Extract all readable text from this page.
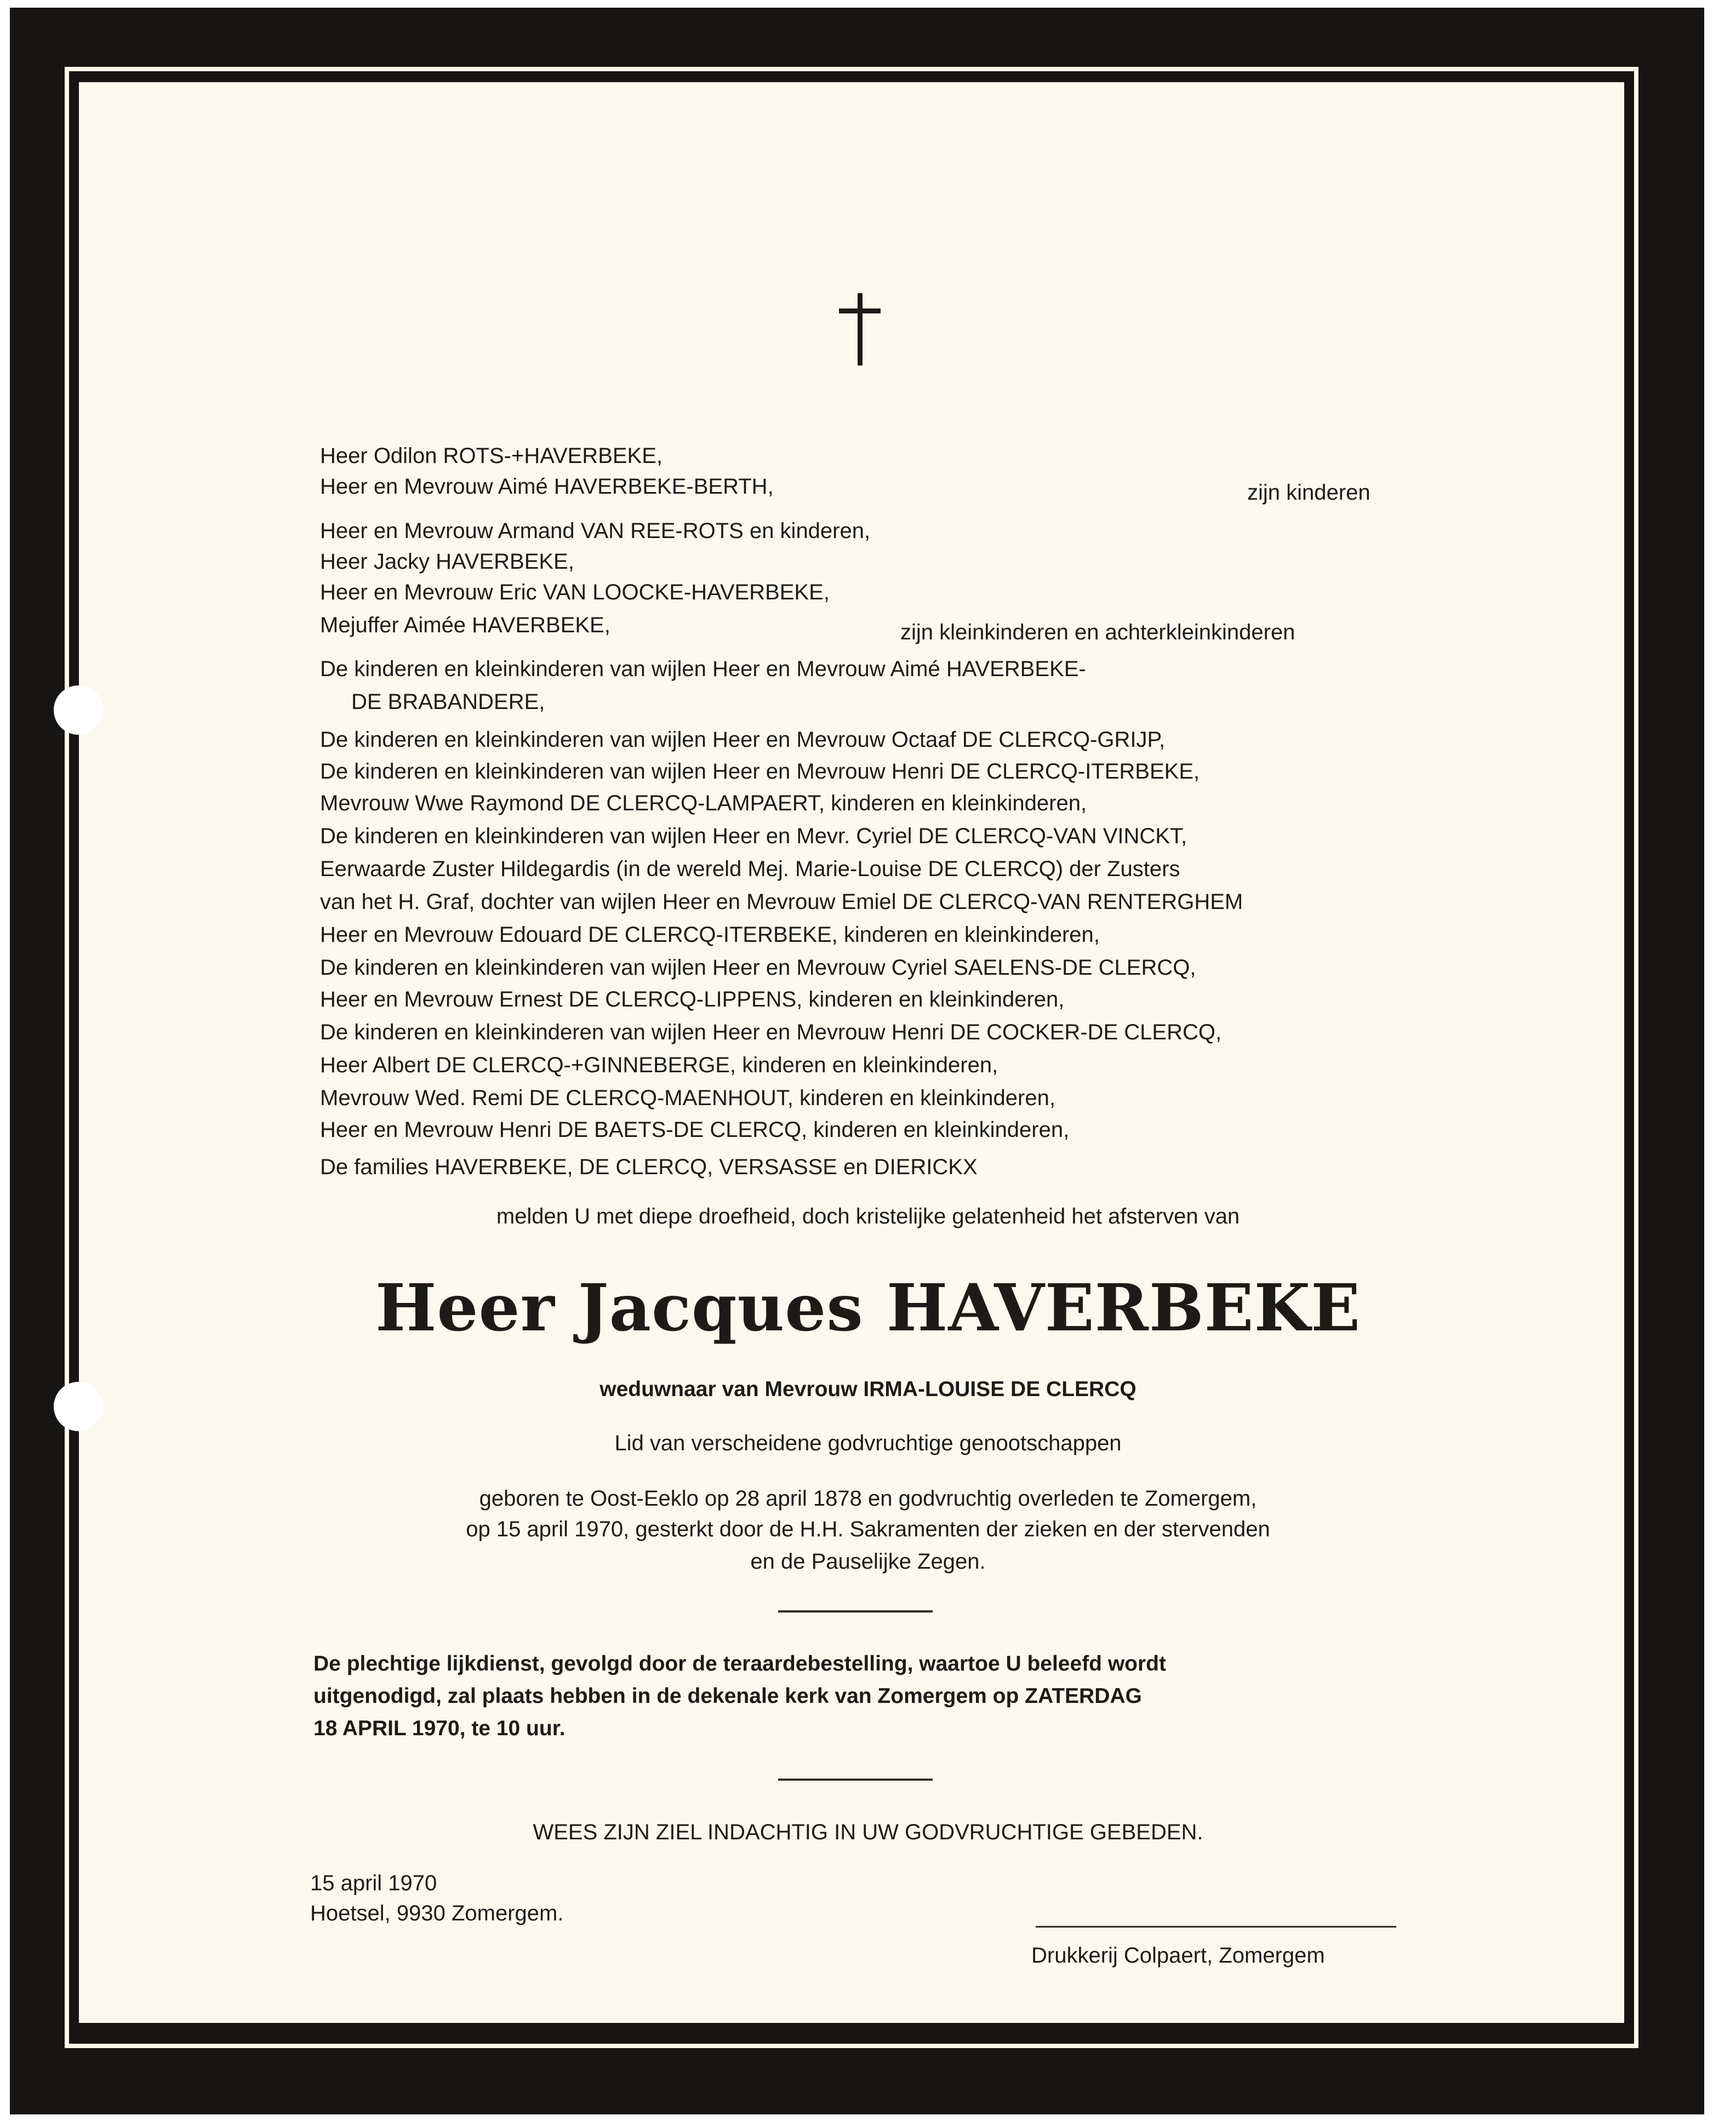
Heer Odilon ROTS-+HAVERBEKE,

Heer en Mevrouw Aimé HAVERBEKE-BERTH,	zijn kinderen

Heer en Mevrouw Armand VAN REE-ROTS en kinderen,

Heer Jacky HAVERBEKE,

Heer en Mevrouw Eric VAN LOOCKE-HAVERBEKE,

Mejuffer Aimée HAVERBEKE,	zijn kleinkinderen en achterkleinkinderen

De kinderen en kleinkinderen van wijlen Heer en Mevrouw Aimé HAVERBEKE-

DE BRABANDERE,

De kinderen en kleinkinderen van wijlen Heer en Mevrouw Octaaf DE CLERCQ-GRIJP,

De kinderen en kleinkinderen van wijlen Heer en Mevrouw Henri DE CLERCQ-ITERBEKE,

Mevrouw Wwe Raymond DE CLERCQ-LAMPAERT, kinderen en kleinkinderen,

De kinderen en kleinkinderen van wijlen Heer en Mevr. Cyriel DE CLERCQ-VAN VINCKT,

Eerwaarde Zuster Hildegardis (in de wereld Mej. Marie-Louise DE CLERCQ) der Zusters

van het H. Graf, dochter van wijlen Heer en Mevrouw Emiel DE CLERCQ-VAN RENTERGHEM

Heer en Mevrouw Edouard DE CLERCQ-ITERBEKE, kinderen en kleinkinderen,

De kinderen en kleinkinderen van wijlen Heer en Mevrouw Cyriel SAELENS-DE CLERCQ,

Heer en Mevrouw Ernest DE CLERCQ-LIPPENS, kinderen en kleinkinderen,

De kinderen en kleinkinderen van wijlen Heer en Mevrouw Henri DE COCKER-DE CLERCQ,

Heer Albert DE CLERCQ-+GINNEBERGE, kinderen en kleinkinderen,

Mevrouw Wed. Remi DE CLERCQ-MAENHOUT, kinderen en kleinkinderen,

Heer en Mevrouw Henri DE BAETS-DE CLERCQ, kinderen en kleinkinderen,

De families HAVERBEKE, DE CLERCQ, VERSASSE en DIERICKX

melden U met diepe droefheid, doch kristelijke gelatenheid het afsterven van

Heer Jacques HAVERBEKE

weduwnaar van Mevrouw IRMA-LOUISE DE CLERCQ

Lid van verscheidene godvruchtige genootschappen

geboren te Oost-Eeklo op 28 april 1878 en godvruchtig overleden te Zomergem,

op 15 april 1970, gesterkt door de H.H. Sakramenten der zieken en der stervenden

en de Pauselijke Zegen.

De plechtige lijkdienst, gevolgd door de teraardebestelling, waartoe U beleefd wordt

uitgenodigd, zal plaats hebben in de dekenale kerk van Zomergem op ZATERDAG

18 APRIL 1970, te 10 uur.

WEES ZIJN ZIEL INDACHTIG IN UW GODVRUCHTIGE GEBEDEN.

15 april 1970

Hoetsel, 9930 Zomergem.

Drukkerij Colpaert, Zomergem
